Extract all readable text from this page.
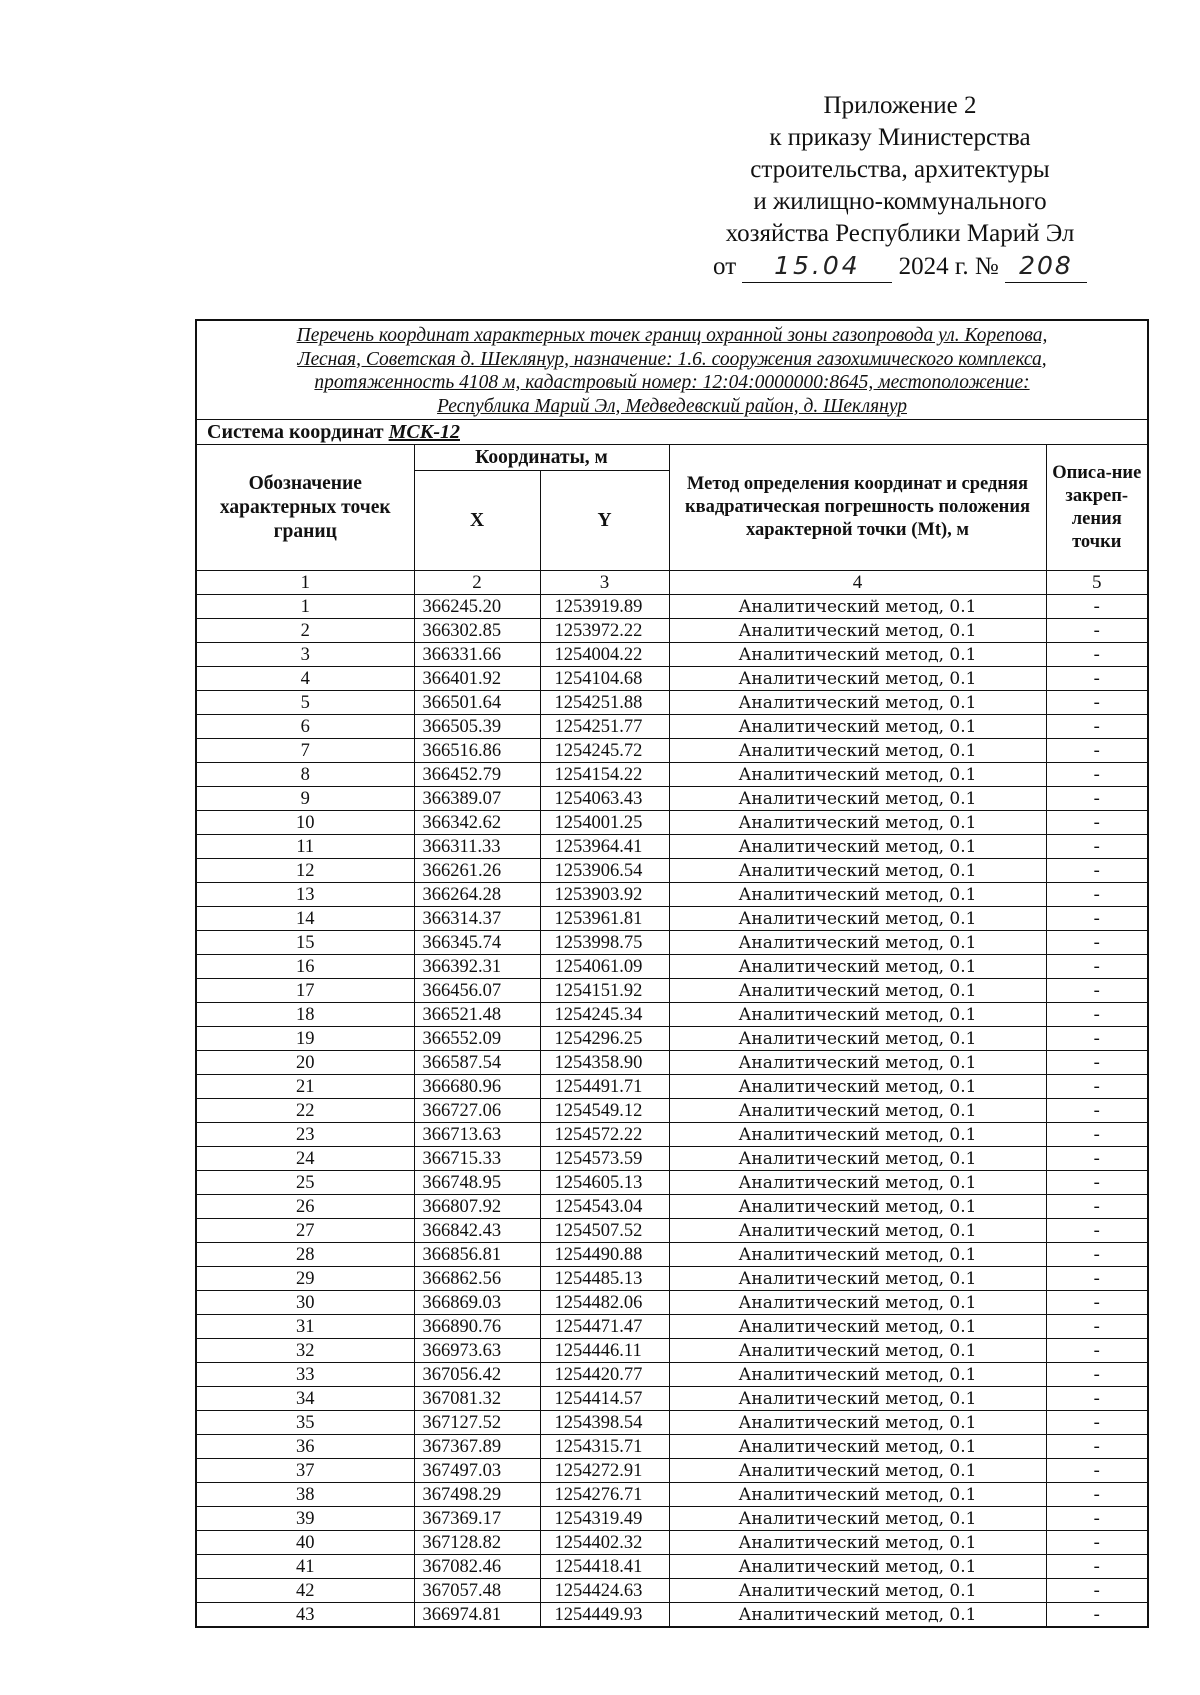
Приложение 2
к приказу Министерства
строительства, архитектуры
и жилищно-коммунального
хозяйства Республики Марий Эл
от 15.04 2024 г. № 208
Перечень координат характерных точек границ охранной зоны газопровода ул. Корепова,
Лесная, Советская д. Шеклянур, назначение: 1.6. сооружения газохимического комплекса,
протяженность 4108 м, кадастровый номер: 12:04:0000000:8645, местоположение:
Республика Марий Эл, Медведевский район, д. Шеклянур				

Система координат МСК-12				
Обозначение характерных точек границ	Координаты, м		Метод определения координат и средняя квадратическая погрешность положения характерной точки (Mt), м	Описа-ние закреп-ления точки
	X	Y		
1	2	3	4	5
1	366245.20	1253919.89	Аналитический метод, 0.1	-
2	366302.85	1253972.22	Аналитический метод, 0.1	-
3	366331.66	1254004.22	Аналитический метод, 0.1	-
4	366401.92	1254104.68	Аналитический метод, 0.1	-
5	366501.64	1254251.88	Аналитический метод, 0.1	-
6	366505.39	1254251.77	Аналитический метод, 0.1	-
7	366516.86	1254245.72	Аналитический метод, 0.1	-
8	366452.79	1254154.22	Аналитический метод, 0.1	-
9	366389.07	1254063.43	Аналитический метод, 0.1	-
10	366342.62	1254001.25	Аналитический метод, 0.1	-
11	366311.33	1253964.41	Аналитический метод, 0.1	-
12	366261.26	1253906.54	Аналитический метод, 0.1	-
13	366264.28	1253903.92	Аналитический метод, 0.1	-
14	366314.37	1253961.81	Аналитический метод, 0.1	-
15	366345.74	1253998.75	Аналитический метод, 0.1	-
16	366392.31	1254061.09	Аналитический метод, 0.1	-
17	366456.07	1254151.92	Аналитический метод, 0.1	-
18	366521.48	1254245.34	Аналитический метод, 0.1	-
19	366552.09	1254296.25	Аналитический метод, 0.1	-
20	366587.54	1254358.90	Аналитический метод, 0.1	-
21	366680.96	1254491.71	Аналитический метод, 0.1	-
22	366727.06	1254549.12	Аналитический метод, 0.1	-
23	366713.63	1254572.22	Аналитический метод, 0.1	-
24	366715.33	1254573.59	Аналитический метод, 0.1	-
25	366748.95	1254605.13	Аналитический метод, 0.1	-
26	366807.92	1254543.04	Аналитический метод, 0.1	-
27	366842.43	1254507.52	Аналитический метод, 0.1	-
28	366856.81	1254490.88	Аналитический метод, 0.1	-
29	366862.56	1254485.13	Аналитический метод, 0.1	-
30	366869.03	1254482.06	Аналитический метод, 0.1	-
31	366890.76	1254471.47	Аналитический метод, 0.1	-
32	366973.63	1254446.11	Аналитический метод, 0.1	-
33	367056.42	1254420.77	Аналитический метод, 0.1	-
34	367081.32	1254414.57	Аналитический метод, 0.1	-
35	367127.52	1254398.54	Аналитический метод, 0.1	-
36	367367.89	1254315.71	Аналитический метод, 0.1	-
37	367497.03	1254272.91	Аналитический метод, 0.1	-
38	367498.29	1254276.71	Аналитический метод, 0.1	-
39	367369.17	1254319.49	Аналитический метод, 0.1	-
40	367128.82	1254402.32	Аналитический метод, 0.1	-
41	367082.46	1254418.41	Аналитический метод, 0.1	-
42	367057.48	1254424.63	Аналитический метод, 0.1	-
43	366974.81	1254449.93	Аналитический метод, 0.1	-
